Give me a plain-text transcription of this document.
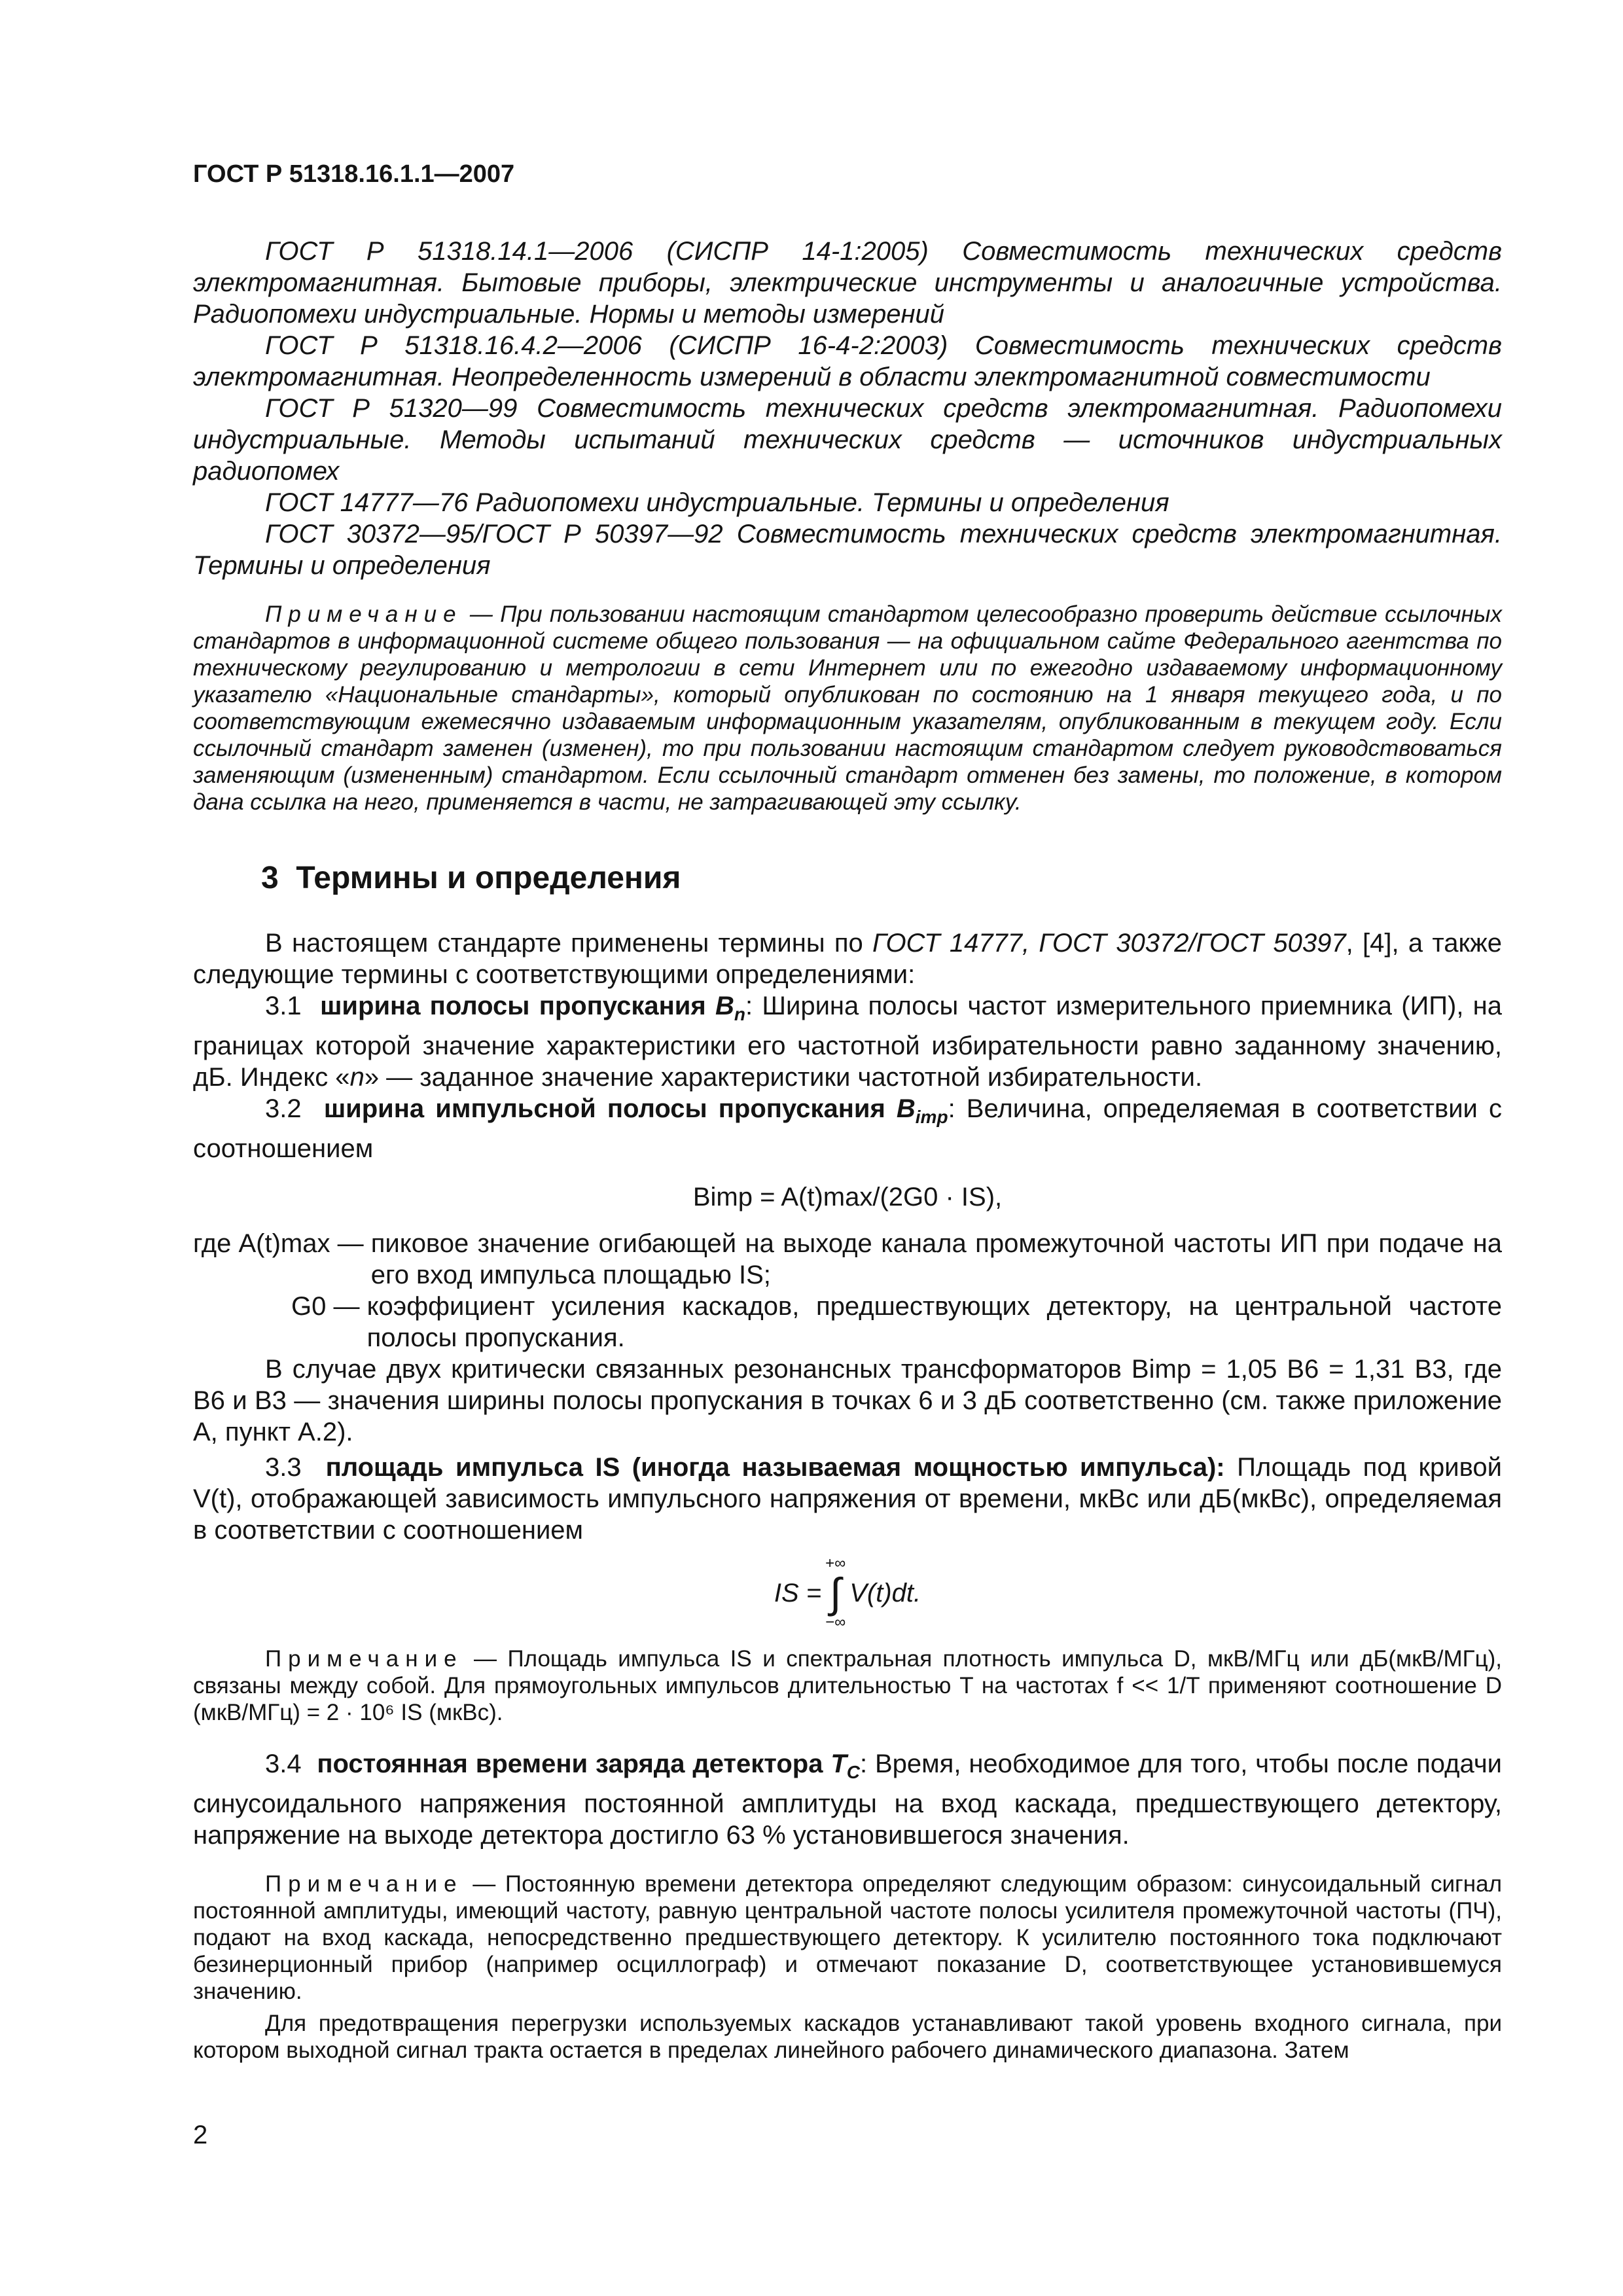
ГОСТ Р 51318.16.1.1—2007

ГОСТ Р 51318.14.1—2006 (СИСПР 14-1:2005) Совместимость технических средств электромагнитная. Бытовые приборы, электрические инструменты и аналогичные устройства. Радиопомехи индустриальные. Нормы и методы измерений

ГОСТ Р 51318.16.4.2—2006 (СИСПР 16-4-2:2003) Совместимость технических средств электромагнитная. Неопределенность измерений в области электромагнитной совместимости

ГОСТ Р 51320—99 Совместимость технических средств электромагнитная. Радиопомехи индустриальные. Методы испытаний технических средств — источников индустриальных радиопомех

ГОСТ 14777—76 Радиопомехи индустриальные. Термины и определения

ГОСТ 30372—95/ГОСТ Р 50397—92 Совместимость технических средств электромагнитная. Термины и определения

Примечание — При пользовании настоящим стандартом целесообразно проверить действие ссылочных стандартов в информационной системе общего пользования — на официальном сайте Федерального агентства по техническому регулированию и метрологии в сети Интернет или по ежегодно издаваемому информационному указателю «Национальные стандарты», который опубликован по состоянию на 1 января текущего года, и по соответствующим ежемесячно издаваемым информационным указателям, опубликованным в текущем году. Если ссылочный стандарт заменен (изменен), то при пользовании настоящим стандартом следует руководствоваться заменяющим (измененным) стандартом. Если ссылочный стандарт отменен без замены, то положение, в котором дана ссылка на него, применяется в части, не затрагивающей эту ссылку.

3 Термины и определения

В настоящем стандарте применены термины по ГОСТ 14777, ГОСТ 30372/ГОСТ 50397, [4], а также следующие термины с соответствующими определениями:

3.1 ширина полосы пропускания $B_n$: Ширина полосы частот измерительного приемника (ИП), на границах которой значение характеристики его частотной избирательности равно заданному значению, дБ. Индекс «n» — заданное значение характеристики частотной избирательности.

3.2 ширина импульсной полосы пропускания $B_{imp}$: Величина, определяемая в соответствии с соотношением

Bimp = A(t)max/(2G0 · IS),
где A(t)max —
пиковое значение огибающей на выходе канала промежуточной частоты ИП при подаче на его вход импульса площадью IS;
G0 —
коэффициент усиления каскадов, предшествующих детектору, на центральной частоте полосы пропускания.

В случае двух критически связанных резонансных трансформаторов Bimp = 1,05 B6 = 1,31 B3, где B6 и B3 — значения ширины полосы пропускания в точках 6 и 3 дБ соответственно (см. также приложение А, пункт А.2).

3.3 площадь импульса IS (иногда называемая мощностью импульса): Площадь под кривой V(t), отображающей зависимость импульсного напряжения от времени, мкВс или дБ(мкВс), определяемая в соответствии с соотношением

IS =
+∞
∫
−∞
V(t)dt.

Примечание — Площадь импульса IS и спектральная плотность импульса D, мкВ/МГц или дБ(мкВ/МГц), связаны между собой. Для прямоугольных импульсов длительностью T на частотах f << 1/T применяют соотношение D (мкВ/МГц) = 2 · 10⁶ IS (мкВс).

3.4 постоянная времени заряда детектора $T_C$: Время, необходимое для того, чтобы после подачи синусоидального напряжения постоянной амплитуды на вход каскада, предшествующего детектору, напряжение на выходе детектора достигло 63 % установившегося значения.

Примечание — Постоянную времени детектора определяют следующим образом: синусоидальный сигнал постоянной амплитуды, имеющий частоту, равную центральной частоте полосы усилителя промежуточной частоты (ПЧ), подают на вход каскада, непосредственно предшествующего детектору. К усилителю постоянного тока подключают безинерционный прибор (например осциллограф) и отмечают показание D, соответствующее установившемуся значению.

Для предотвращения перегрузки используемых каскадов устанавливают такой уровень входного сигнала, при котором выходной сигнал тракта остается в пределах линейного рабочего динамического диапазона. Затем

2
